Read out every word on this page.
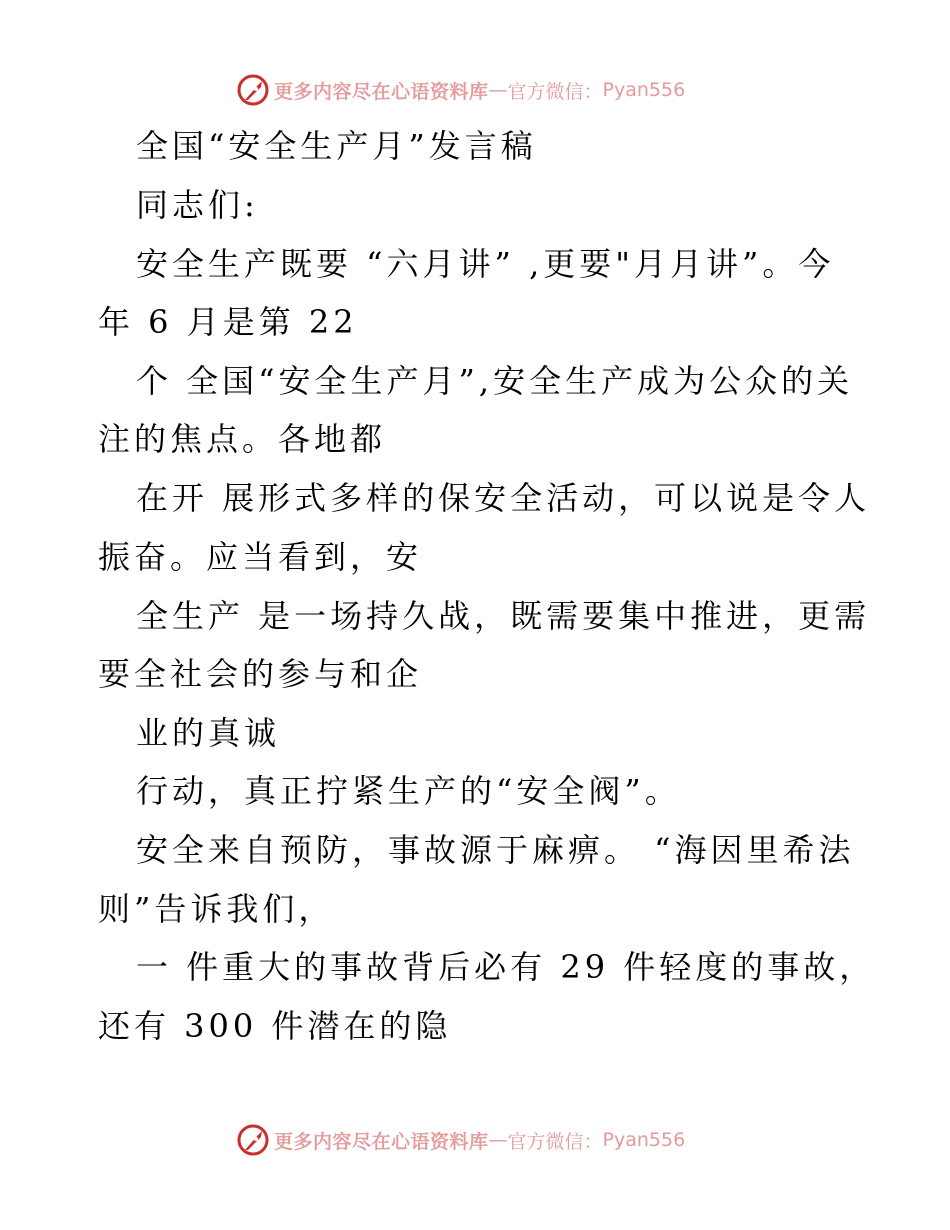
更多内容尽在心语资料库 — 官方微信： Pyan556
全国“安全生产月”发言稿
同志们:
安全生产既要 “六月讲” ,更要"月月讲”。今
年 6 月是第 22
个 全国“安全生产月”,安全生产成为公众的关
注的焦点。各地都
在开 展形式多样的保安全活动，可以说是令人
振奋。应当看到，安
全生产 是一场持久战，既需要集中推进，更需
要全社会的参与和企
业的真诚
行动，真正拧紧生产的“安全阀”。
安全来自预防，事故源于麻痹。 “海因里希法
则”告诉我们，
一 件重大的事故背后必有 29 件轻度的事故，
还有 300 件潜在的隐
更多内容尽在心语资料库 — 官方微信： Pyan556
